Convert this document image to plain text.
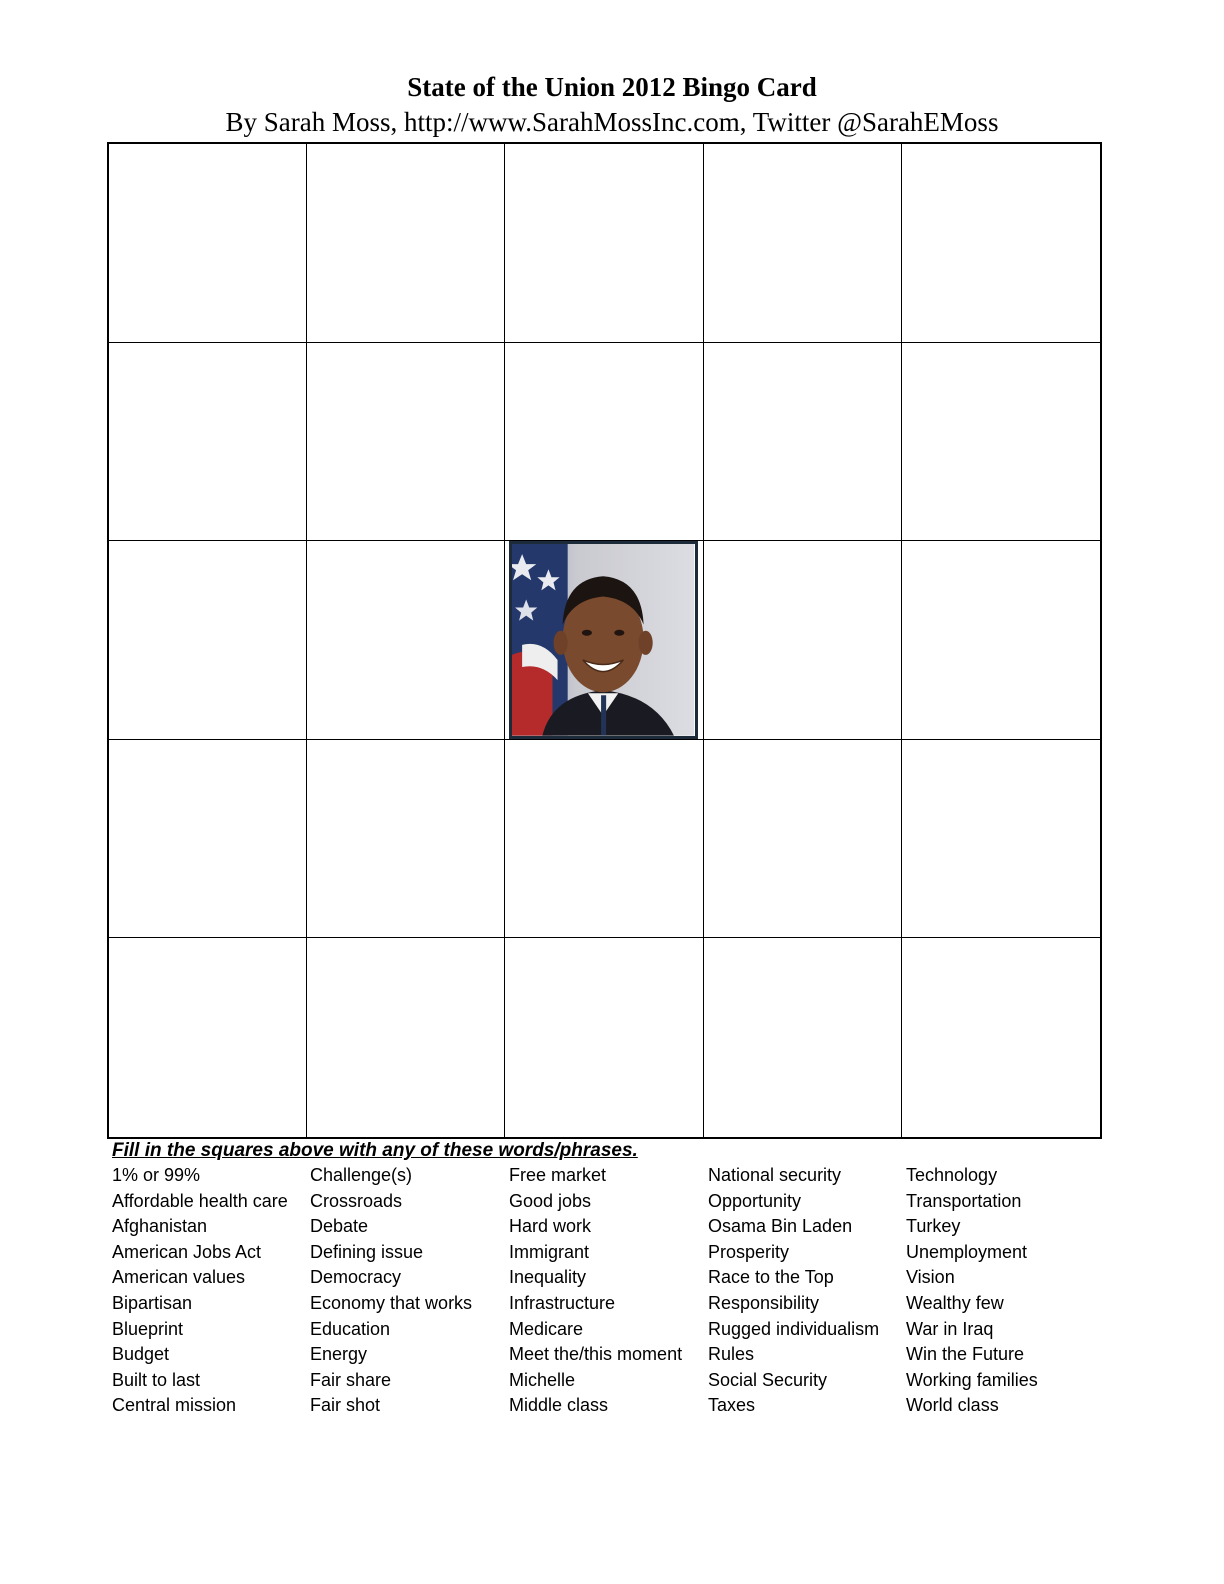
State of the Union 2012 Bingo Card
By Sarah Moss, http://www.SarahMossInc.com, Twitter @SarahEMoss
Fill in the squares above with any of these words/phrases.
1% or 99%
Affordable health care
Afghanistan
American Jobs Act
American values
Bipartisan
Blueprint
Budget
Built to last
Central mission
Challenge(s)
Crossroads
Debate
Defining issue
Democracy
Economy that works
Education
Energy
Fair share
Fair shot
Free market
Good jobs
Hard work
Immigrant
Inequality
Infrastructure
Medicare
Meet the/this moment
Michelle
Middle class
National security
Opportunity
Osama Bin Laden
Prosperity
Race to the Top
Responsibility
Rugged individualism
Rules
Social Security
Taxes
Technology
Transportation
Turkey
Unemployment
Vision
Wealthy few
War in Iraq
Win the Future
Working families
World class
